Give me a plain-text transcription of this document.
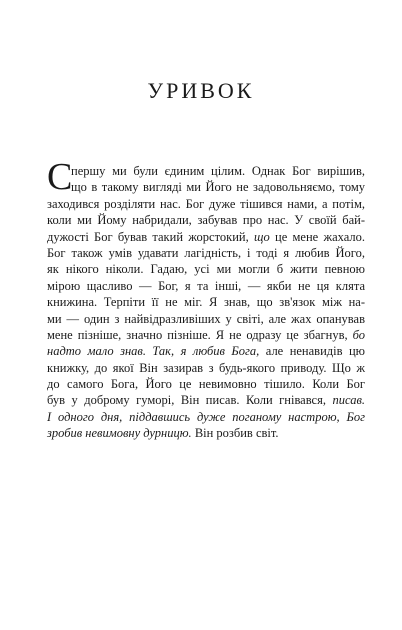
УРИВОК
С
першу ми були єдиним цілим. Однак Бог вирішив,
що в такому вигляді ми Його не задовольняємо, тому
заходився розділяти нас. Бог дуже тішився нами, а потім,
коли ми Йому набридали, забував про нас. У своїй бай-
дужості Бог бував такий жорстокий, що це мене жахало.
Бог також умів удавати лагідність, і тоді я любив Його,
як нікого ніколи. Гадаю, усі ми могли б жити певною
мірою щасливо — Бог, я та інші, — якби не ця клята
книжина. Терпіти її не міг. Я знав, що зв'язок між на-
ми — один з найвідразливіших у світі, але жах опанував
мене пізніше, значно пізніше. Я не одразу це збагнув, бо
надто мало знав. Так, я любив Бога, але ненавидів цю
книжку, до якої Він зазирав з будь-якого приводу. Що ж
до самого Бога, Його це невимовно тішило. Коли Бог
був у доброму гуморі, Він писав. Коли гнівався, писав.
І одного дня, піддавшись дуже поганому настрою, Бог
зробив невимовну дурницю. Він розбив світ.
